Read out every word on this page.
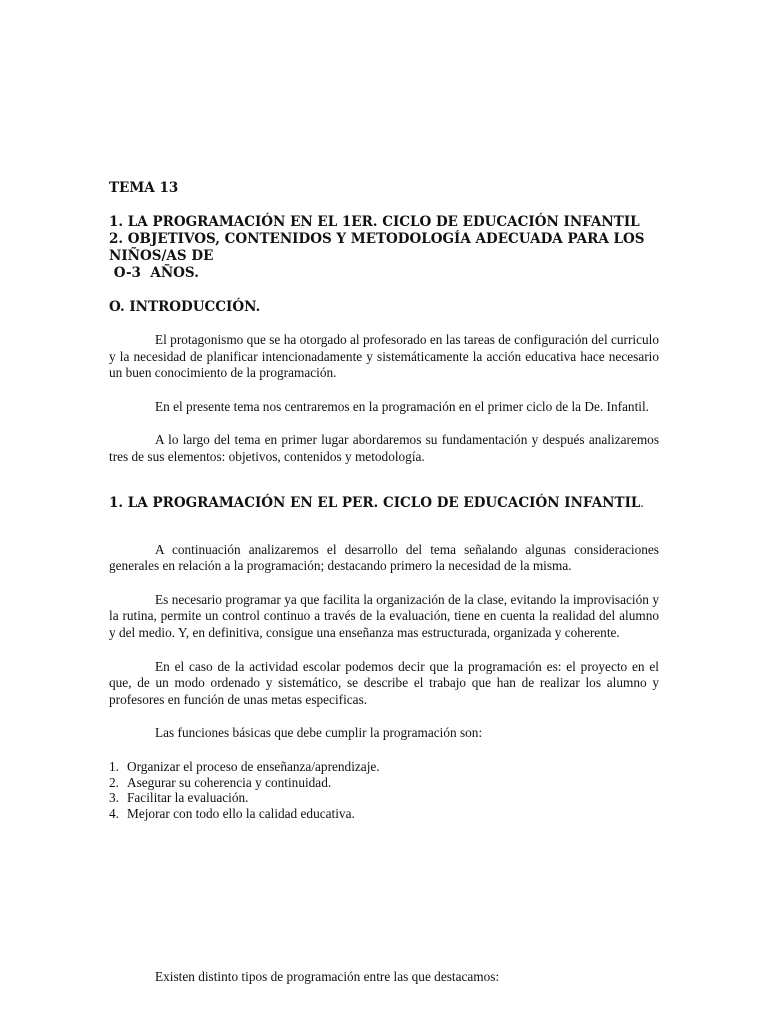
TEMA 13

1. LA PROGRAMACIÓN EN EL 1ER. CICLO DE EDUCACIÓN INFANTIL

2. OBJETIVOS, CONTENIDOS Y METODOLOGÍA ADECUADA PARA LOS NIÑOS/AS DE

O-3  AÑOS.

O. INTRODUCCIÓN.

El protagonismo que se ha otorgado al profesorado en las tareas de configuración del curriculo y la necesidad de planificar intencionadamente y sistemáticamente la acción educativa hace necesario un buen conocimiento de la programación.

En el presente tema nos centraremos en la programación en el primer ciclo de la De. Infantil.

A lo largo del tema en primer lugar abordaremos su fundamentación y después analizaremos tres de sus elementos: objetivos, contenidos y metodología.

1. LA PROGRAMACIÓN EN EL PER. CICLO DE EDUCACIÓN INFANTIL.

A continuación analizaremos el desarrollo del tema señalando algunas consideraciones generales en relación a la programación; destacando primero la necesidad de la misma.

Es necesario programar ya que facilita la organización de la clase, evitando la improvisación y la rutina, permite un control continuo a través de la evaluación, tiene en cuenta la realidad del alumno y del medio. Y, en definitiva, consigue una enseñanza mas estructurada, organizada y coherente.

En el caso de la actividad escolar podemos decir que la programación es: el proyecto en el que, de un modo ordenado y sistemático, se describe el trabajo que han de realizar los alumno y profesores en función de unas metas especificas.

Las funciones básicas que debe cumplir la programación son:

1. Organizar el proceso de enseñanza/aprendizaje.
2. Asegurar su coherencia y continuidad.
3. Facilitar la evaluación.
4. Mejorar con todo ello la calidad educativa.

Existen distinto tipos de programación entre las que destacamos:
